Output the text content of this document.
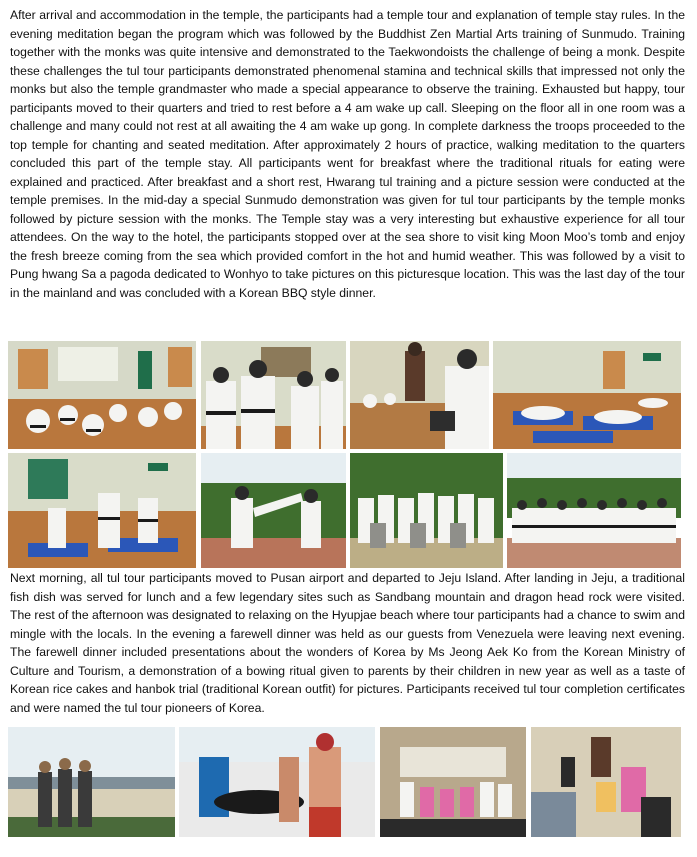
After arrival and accommodation in the temple, the participants had a temple tour and explanation of temple stay rules. In the evening meditation began the program which was followed by the Buddhist Zen Martial Arts training of Sunmudo. Training together with the monks was quite intensive and demonstrated to the Taekwondoists the challenge of being a monk. Despite these challenges the tul tour participants demonstrated phenomenal stamina and technical skills that impressed not only the monks but also the temple grandmaster who made a special appearance to observe the training. Exhausted but happy, tour participants moved to their quarters and tried to rest before a 4 am wake up call. Sleeping on the floor all in one room was a challenge and many could not rest at all awaiting the 4 am wake up gong. In complete darkness the troops proceeded to the top temple for chanting and seated meditation. After approximately 2 hours of practice, walking meditation to the quarters concluded this part of the temple stay. All participants went for breakfast where the traditional rituals for eating were explained and practiced. After breakfast and a short rest, Hwarang tul training and a picture session were conducted at the temple premises. In the mid-day a special Sunmudo demonstration was given for tul tour participants by the temple monks followed by picture session with the monks. The Temple stay was a very interesting but exhaustive experience for all tour attendees. On the way to the hotel, the participants stopped over at the sea shore to visit king Moon Moo’s tomb and enjoy the fresh breeze coming from the sea which provided comfort in the hot and humid weather. This was followed by a visit to Pung hwang Sa a pagoda dedicated to Wonhyo to take pictures on this picturesque location. This was the last day of the tour in the mainland and was concluded with a Korean BBQ style dinner.

Next morning, all tul tour participants moved to Pusan airport and departed to Jeju Island. After landing in Jeju, a traditional fish dish was served for lunch and a few legendary sites such as Sandbang mountain and dragon head rock were visited. The rest of the afternoon was designated to relaxing on the Hyupjae beach where tour participants had a chance to swim and mingle with the locals. In the evening a farewell dinner was held as our guests from Venezuela were leaving next evening. The farewell dinner included presentations about the wonders of Korea by Ms Jeong Aek Ko from the Korean Ministry of Culture and Tourism, a demonstration of a bowing ritual given to parents by their children in new year as well as a taste of Korean rice cakes and hanbok trial (traditional Korean outfit) for pictures. Participants received tul tour completion certificates and were named the tul tour pioneers of Korea.
